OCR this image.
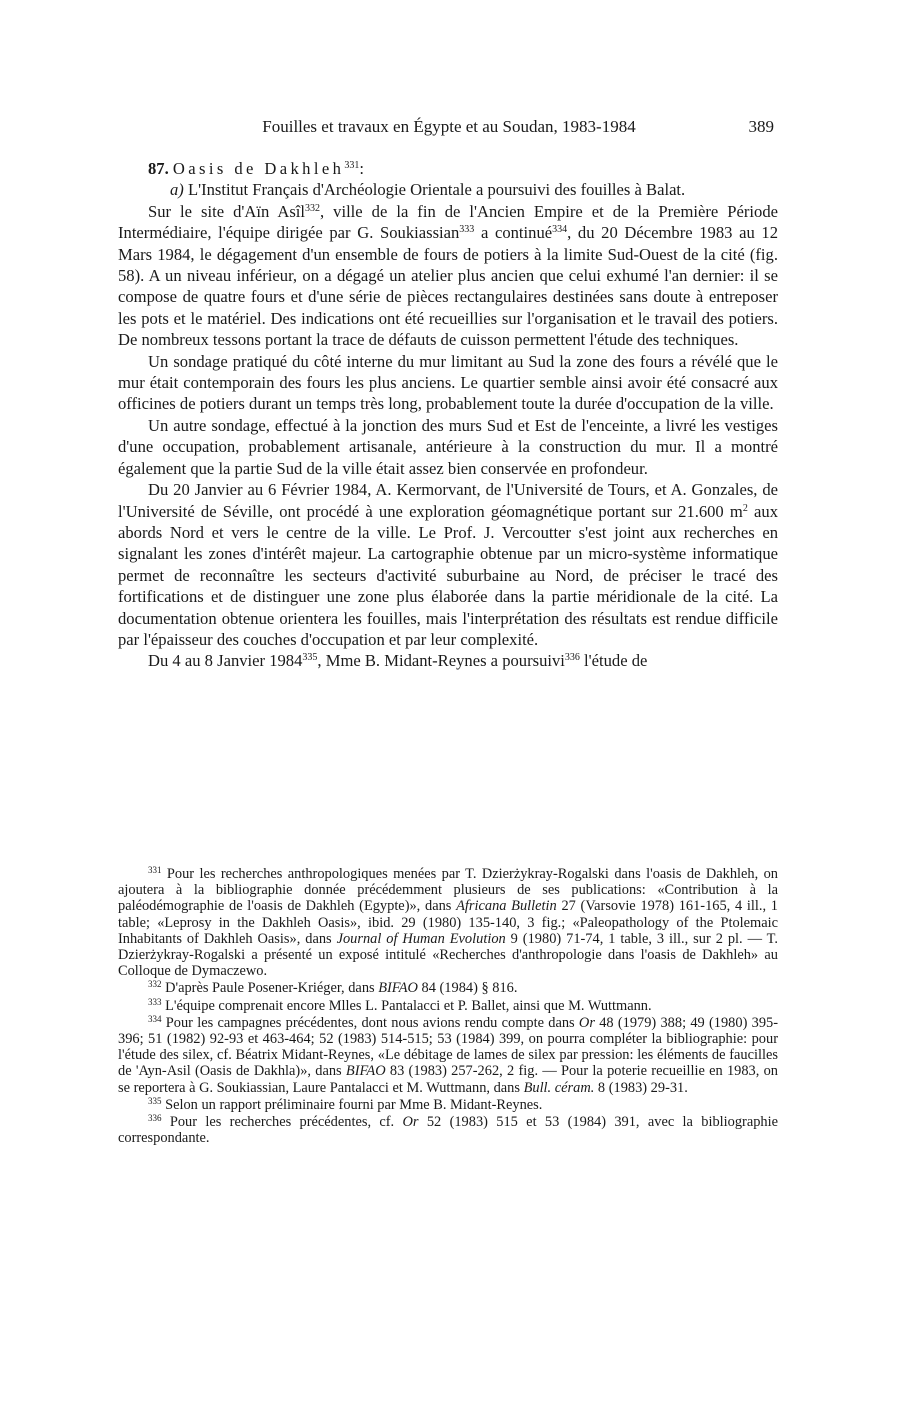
Fouilles et travaux en Égypte et au Soudan, 1983-1984	389

87. Oasis de Dakhleh$^{331}$:

a) L'Institut Français d'Archéologie Orientale a poursuivi des fouilles à Balat.

Sur le site d'Aïn Asîl$^{332}$, ville de la fin de l'Ancien Empire et de la Première Période Intermédiaire, l'équipe dirigée par G. Soukiassian$^{333}$ a continué$^{334}$, du 20 Décembre 1983 au 12 Mars 1984, le dégagement d'un ensemble de fours de potiers à la limite Sud-Ouest de la cité (fig. 58). A un niveau inférieur, on a dégagé un atelier plus ancien que celui exhumé l'an dernier: il se compose de quatre fours et d'une série de pièces rectangulaires destinées sans doute à entreposer les pots et le matériel. Des indications ont été recueillies sur l'organisation et le travail des potiers. De nombreux tessons portant la trace de défauts de cuisson permettent l'étude des techniques.

Un sondage pratiqué du côté interne du mur limitant au Sud la zone des fours a révélé que le mur était contemporain des fours les plus anciens. Le quartier semble ainsi avoir été consacré aux officines de potiers durant un temps très long, probablement toute la durée d'occupation de la ville.

Un autre sondage, effectué à la jonction des murs Sud et Est de l'enceinte, a livré les vestiges d'une occupation, probablement artisanale, antérieure à la construction du mur. Il a montré également que la partie Sud de la ville était assez bien conservée en profondeur.

Du 20 Janvier au 6 Février 1984, A. Kermorvant, de l'Université de Tours, et A. Gonzales, de l'Université de Séville, ont procédé à une exploration géomagnétique portant sur 21.600 $m^2$ aux abords Nord et vers le centre de la ville. Le Prof. J. Vercoutter s'est joint aux recherches en signalant les zones d'intérêt majeur. La cartographie obtenue par un micro-système informatique permet de reconnaître les secteurs d'activité suburbaine au Nord, de préciser le tracé des fortifications et de distinguer une zone plus élaborée dans la partie méridionale de la cité. La documentation obtenue orientera les fouilles, mais l'interprétation des résultats est rendue difficile par l'épaisseur des couches d'occupation et par leur complexité.

Du 4 au 8 Janvier 1984$^{335}$, Mme B. Midant-Reynes a poursuivi$^{336}$ l'étude de

$^{331}$ Pour les recherches anthropologiques menées par T. Dzierżykray-Rogalski dans l'oasis de Dakhleh, on ajoutera à la bibliographie donnée précédemment plusieurs de ses publications: «Contribution à la paléodémographie de l'oasis de Dakhleh (Egypte)», dans Africana Bulletin 27 (Varsovie 1978) 161-165, 4 ill., 1 table; «Leprosy in the Dakhleh Oasis», ibid. 29 (1980) 135-140, 3 fig.; «Paleopathology of the Ptolemaic Inhabitants of Dakhleh Oasis», dans Journal of Human Evolution 9 (1980) 71-74, 1 table, 3 ill., sur 2 pl. — T. Dzierżykray-Rogalski a présenté un exposé intitulé «Recherches d'anthropologie dans l'oasis de Dakhleh» au Colloque de Dymaczewo.

$^{332}$ D'après Paule Posener-Kriéger, dans BIFAO 84 (1984) § 816.

$^{333}$ L'équipe comprenait encore Mlles L. Pantalacci et P. Ballet, ainsi que M. Wuttmann.

$^{334}$ Pour les campagnes précédentes, dont nous avions rendu compte dans Or 48 (1979) 388; 49 (1980) 395-396; 51 (1982) 92-93 et 463-464; 52 (1983) 514-515; 53 (1984) 399, on pourra compléter la bibliographie: pour l'étude des silex, cf. Béatrix Midant-Reynes, «Le débitage de lames de silex par pression: les éléments de faucilles de 'Ayn-Asil (Oasis de Dakhla)», dans BIFAO 83 (1983) 257-262, 2 fig. — Pour la poterie recueillie en 1983, on se reportera à G. Soukiassian, Laure Pantalacci et M. Wuttmann, dans Bull. céram. 8 (1983) 29-31.

$^{335}$ Selon un rapport préliminaire fourni par Mme B. Midant-Reynes.

$^{336}$ Pour les recherches précédentes, cf. Or 52 (1983) 515 et 53 (1984) 391, avec la bibliographie correspondante.
